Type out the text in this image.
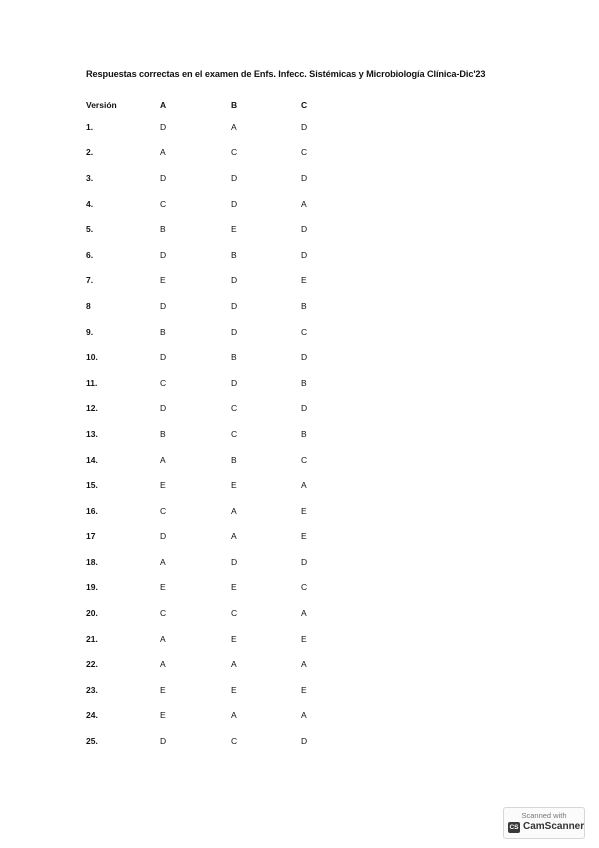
Respuestas correctas en el examen de Enfs. Infecc. Sistémicas y Microbiología Clínica-Dic'23
Versión	A	B	C
1.	D	A	D
2.	A	C	C
3.	D	D	D
4.	C	D	A
5.	B	E	D
6.	D	B	D
7.	E	D	E
8	D	D	B
9.	B	D	C
10.	D	B	D
11.	C	D	B
12.	D	C	D
13.	B	C	B
14.	A	B	C
15.	E	E	A
16.	C	A	E
17	D	A	E
18.	A	D	D
19.	E	E	C
20.	C	C	A
21.	A	E	E
22.	A	A	A
23.	E	E	E
24.	E	A	A
25.	D	C	D
Scanned with
CS CamScanner
